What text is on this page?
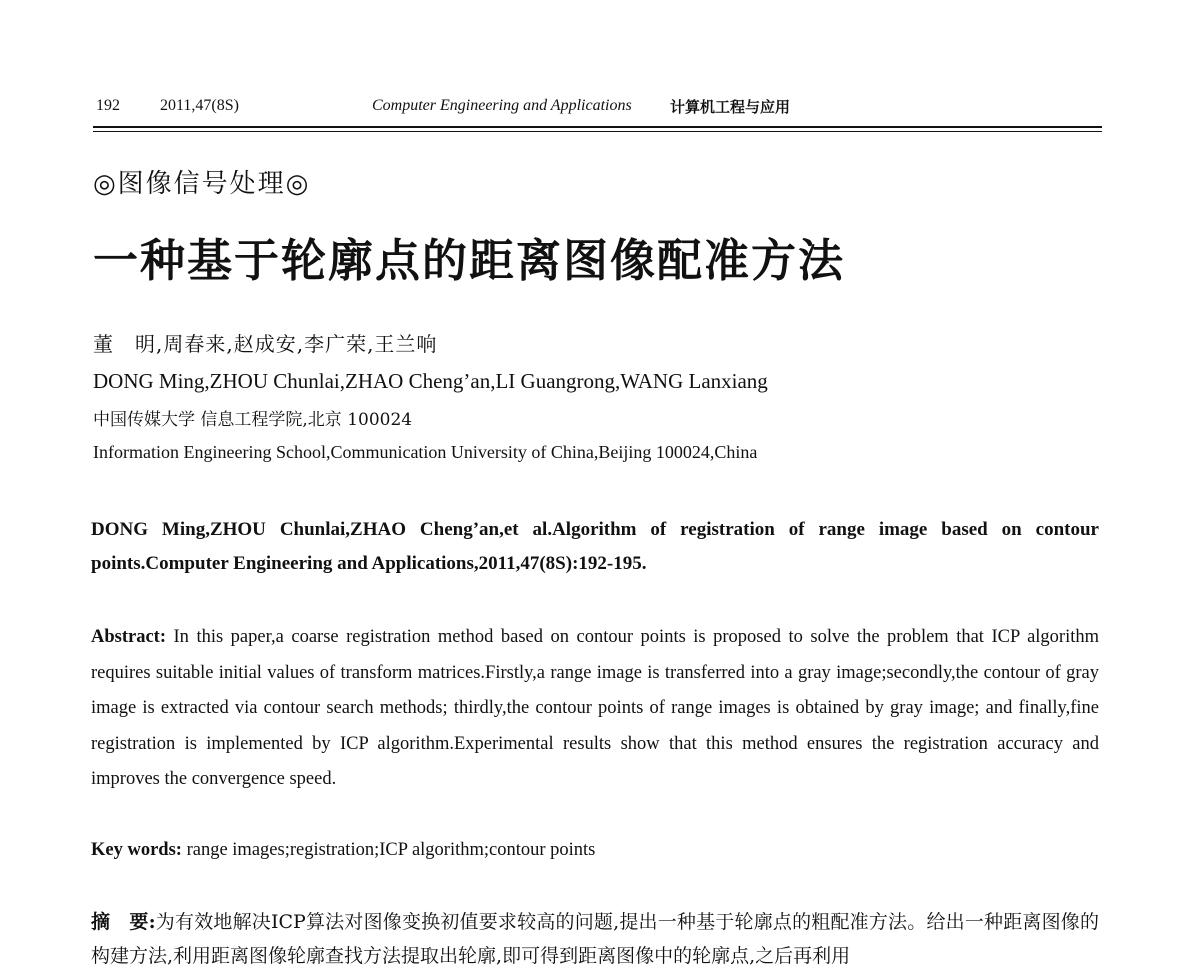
192	2011,47(8S)	Computer Engineering and Applications	计算机工程与应用
◎图像信号处理◎
一种基于轮廓点的距离图像配准方法
董　明,周春来,赵成安,李广荣,王兰响
DONG Ming,ZHOU Chunlai,ZHAO Cheng’an,LI Guangrong,WANG Lanxiang
中国传媒大学 信息工程学院,北京 100024
Information Engineering School,Communication University of China,Beijing 100024,China
DONG Ming,ZHOU Chunlai,ZHAO Cheng’an,et al.Algorithm of registration of range image based on contour points.Computer Engineering and Applications,2011,47(8S):192-195.
Abstract: In this paper,a coarse registration method based on contour points is proposed to solve the problem that ICP algorithm requires suitable initial values of transform matrices.Firstly,a range image is transferred into a gray image;secondly,the contour of gray image is extracted via contour search methods; thirdly,the contour points of range images is obtained by gray image; and finally,fine registration is implemented by ICP algorithm.Experimental results show that this method ensures the registration accuracy and improves the convergence speed.
Key words: range images;registration;ICP algorithm;contour points
摘　要:为有效地解决ICP算法对图像变换初值要求较高的问题,提出一种基于轮廓点的粗配准方法。给出一种距离图像的构建方法,利用距离图像轮廓查找方法提取出轮廓,即可得到距离图像中的轮廓点,之后再利用
